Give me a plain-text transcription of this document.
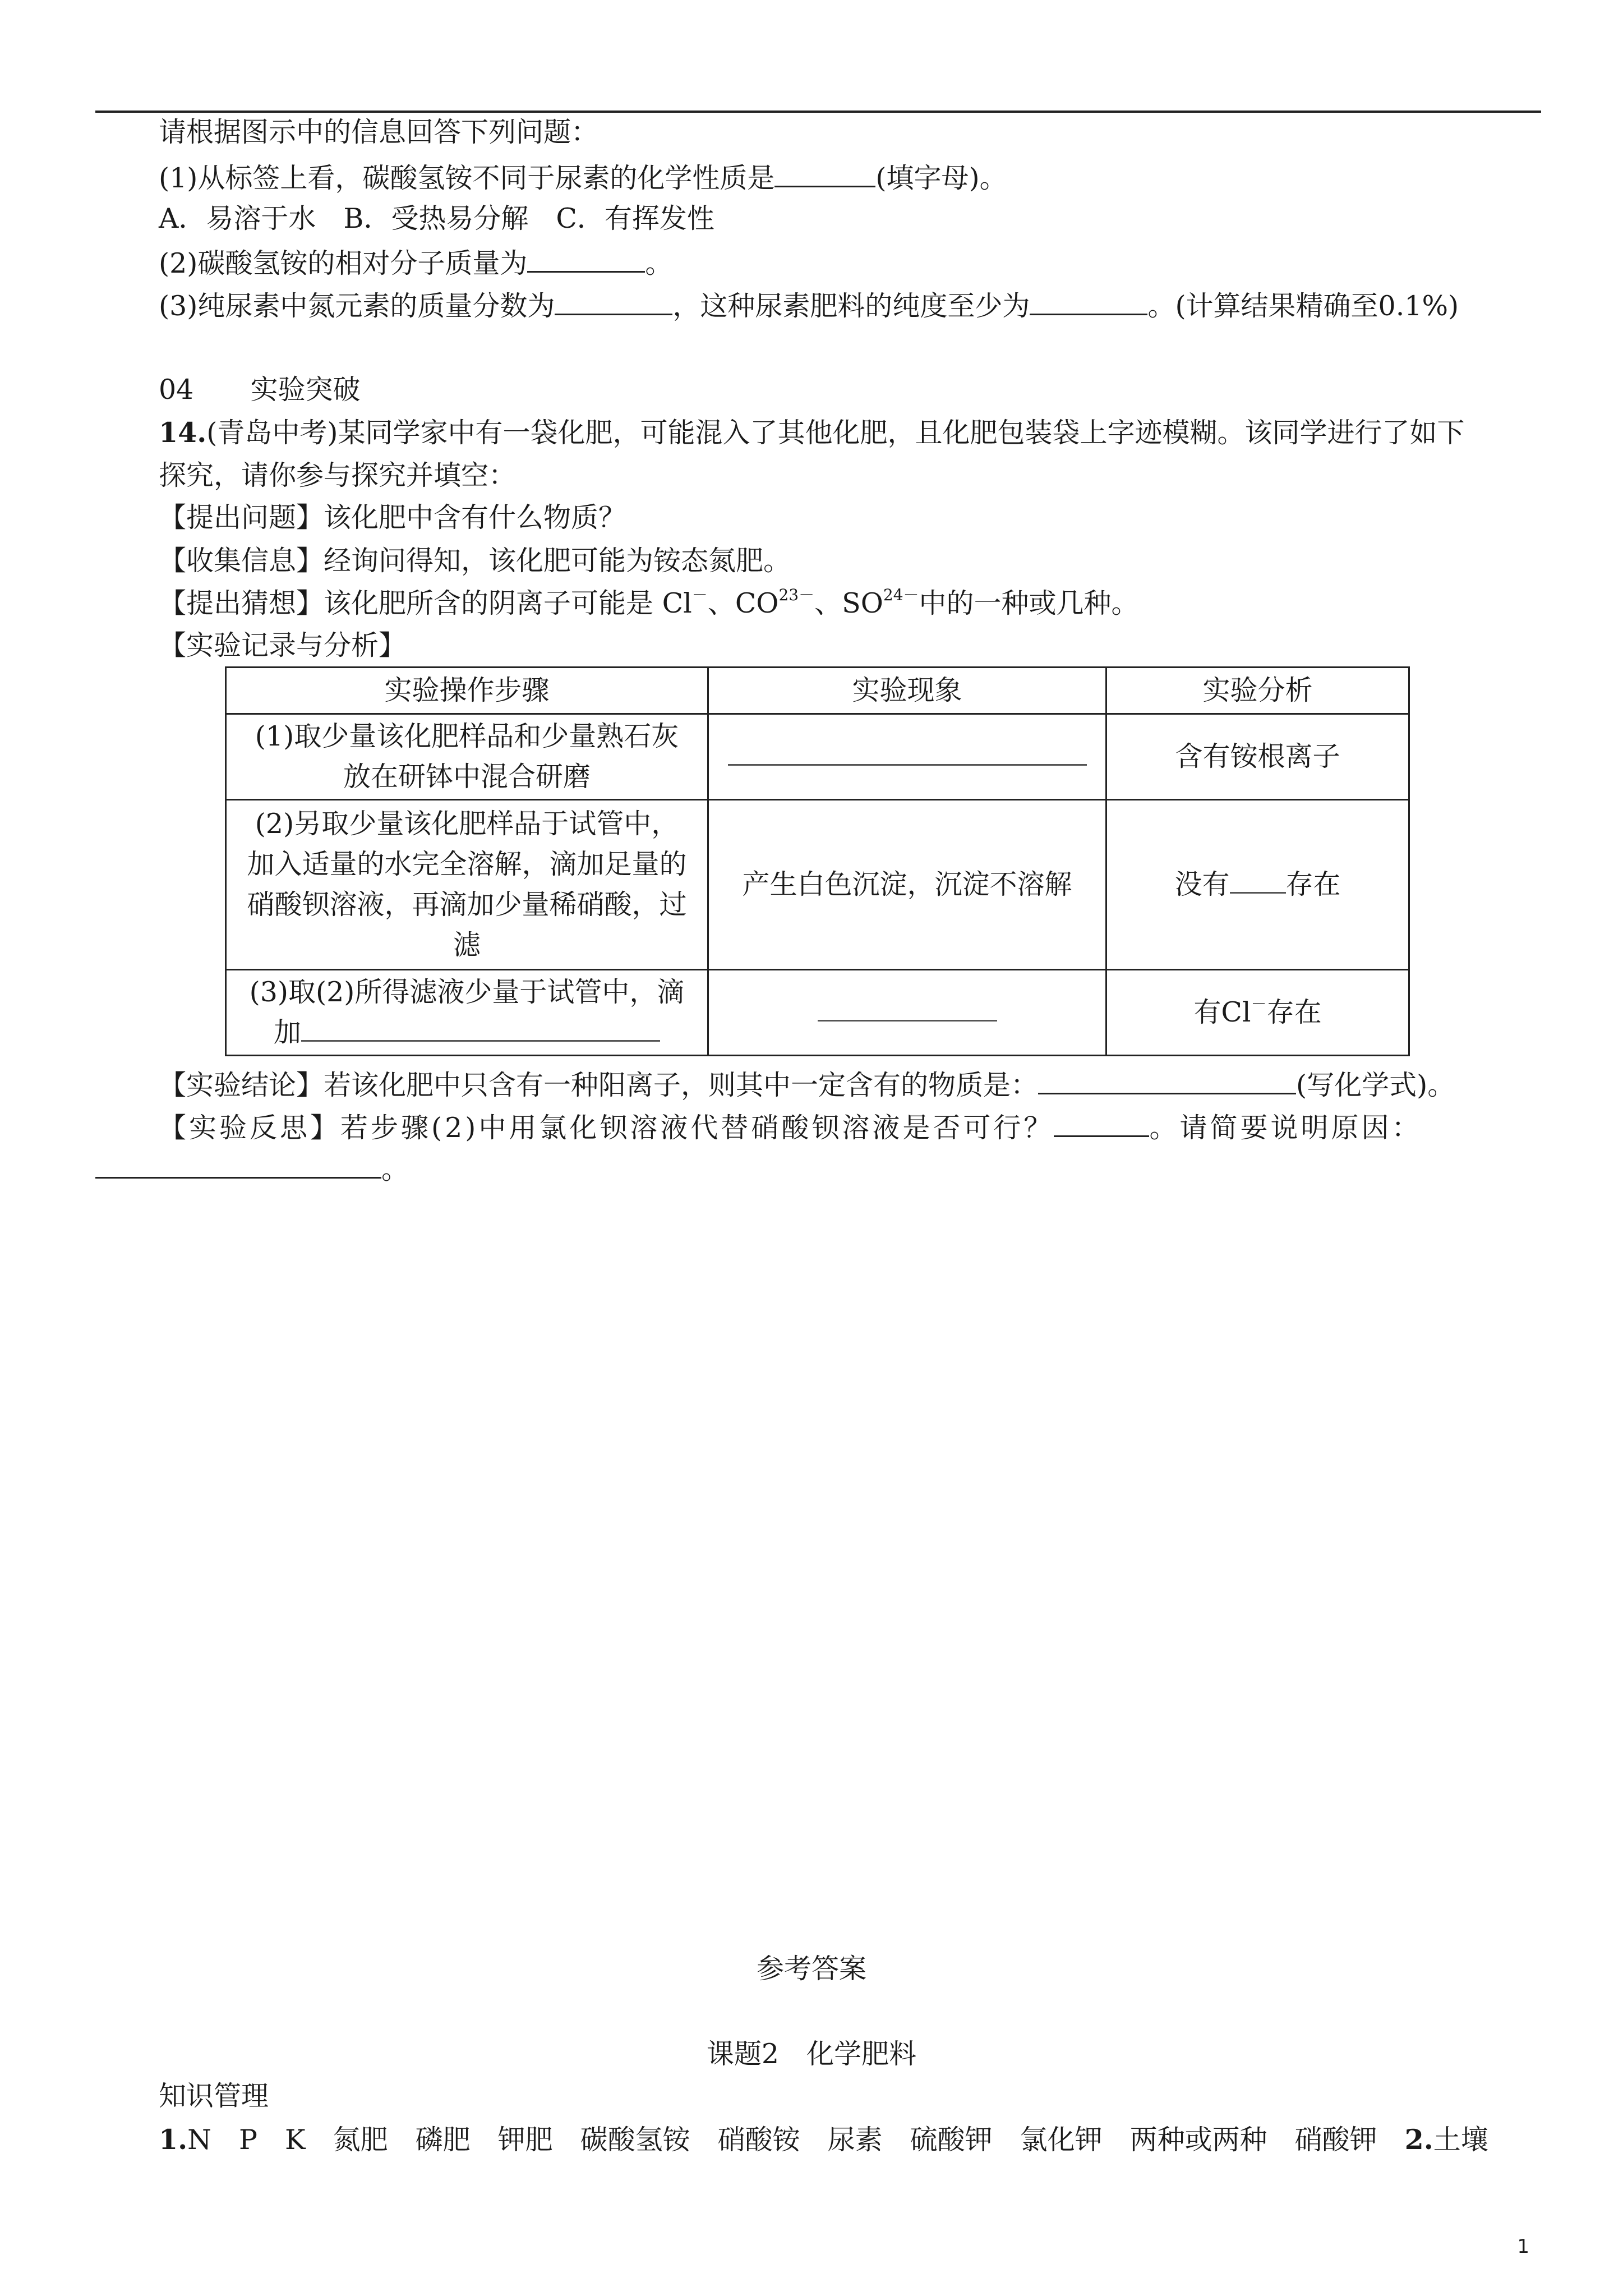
请根据图示中的信息回答下列问题：
(1)从标签上看，碳酸氢铵不同于尿素的化学性质是	(填字母)。
A．易溶于水　B．受热易分解　C．有挥发性
(2)碳酸氢铵的相对分子质量为	。
(3)纯尿素中氮元素的质量分数为	，这种尿素肥料的纯度至少为	。(计算结果精确至0.1%)
04 实验突破
14.(青岛中考)某同学家中有一袋化肥，可能混入了其他化肥，且化肥包装袋上字迹模糊。该同学进行了如下
探究，请你参与探究并填空：
【提出问题】该化肥中含有什么物质？
【收集信息】经询问得知，该化肥可能为铵态氮肥。
【提出猜想】该化肥所含的阴离子可能是 Cl－、$CO^{23-}$、$SO^{24-}$中的一种或几种。
【实验记录与分析】
实验操作步骤	实验现象	实验分析

(1)取少量该化肥样品和少量熟石灰
放在研钵中混合研磨		含有铵根离子

(2)另取少量该化肥样品于试管中，
加入适量的水完全溶解，滴加足量的
硝酸钡溶液，再滴加少量稀硝酸，过
滤	产生白色沉淀，沉淀不溶解	没有 存在

(3)取(2)所得滤液少量于试管中，滴
加		有Cl－存在
【实验结论】若该化肥中只含有一种阳离子，则其中一定含有的物质是：	(写化学式)。
【实验反思】若步骤(2)中用氯化钡溶液代替硝酸钡溶液是否可行？	。请简要说明原因：
。
参考答案
课题2　化学肥料
知识管理
1.N　P　K　氮肥　磷肥　钾肥　碳酸氢铵　硝酸铵　尿素　硫酸钾　氯化钾　两种或两种　硝酸钾　 2.土壤
1
